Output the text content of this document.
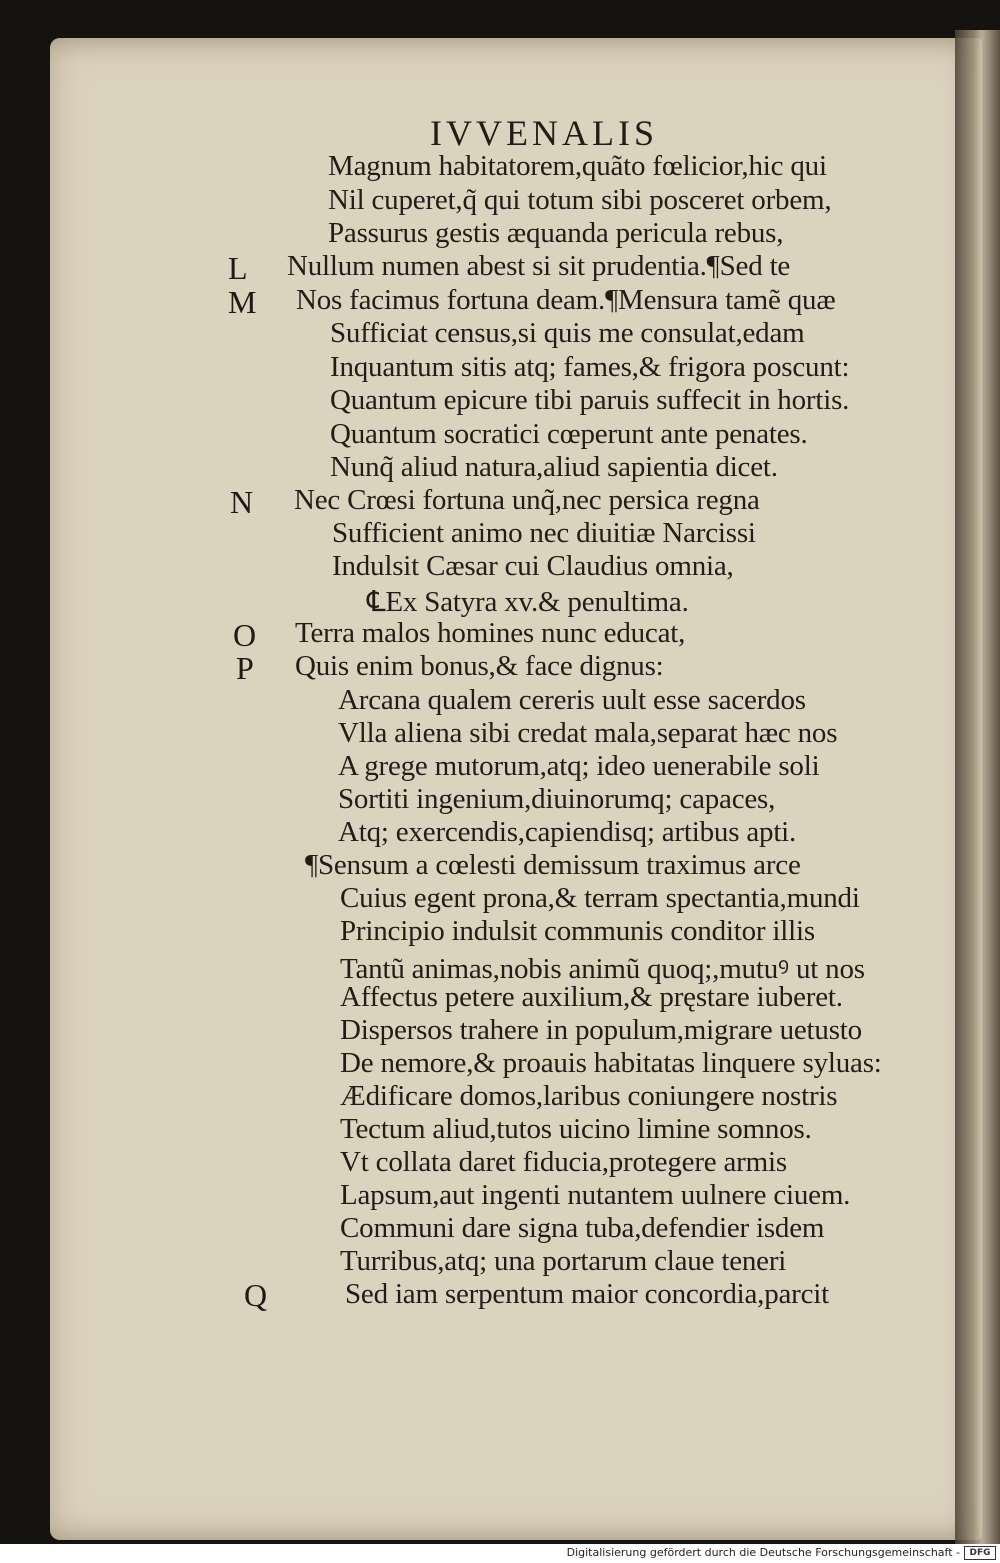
IVVENALIS
L
M
N
O
P
Q
Magnum habitatorem,quãto fœlicior,hic qui
Nil cuperet,q̃ qui totum sibi posceret orbem,
Passurus gestis æquanda pericula rebus,
Nullum numen abest si sit prudentia.¶Sed te
Nos facimus fortuna deam.¶Mensura tamẽ quæ
Sufficiat census,si quis me consulat,edam
Inquantum sitis atq; fames,& frigora poscunt:
Quantum epicure tibi paruis suffecit in hortis.
Quantum socratici cœperunt ante penates.
Nunq̃ aliud natura,aliud sapientia dicet.
Nec Crœsi fortuna unq̃,nec persica regna
Sufficient animo nec diuitiæ Narcissi
Indulsit Cæsar cui Claudius omnia,
℄Ex Satyra xv.& penultima.
Terra malos homines nunc educat,
Quis enim bonus,& face dignus:
Arcana qualem cereris uult esse sacerdos
Vlla aliena sibi credat mala,separat hæc nos
A grege mutorum,atq; ideo uenerabile soli
Sortiti ingenium,diuinorumq; capaces,
Atq; exercendis,capiendisq; artibus apti.
¶Sensum a cœlesti demissum traximus arce
Cuius egent prona,& terram spectantia,mundi
Principio indulsit communis conditor illis
Tantũ animas,nobis animũ quoq;,mutuꝰ ut nos
Affectus petere auxilium,& pręstare iuberet.
Dispersos trahere in populum,migrare uetusto
De nemore,& proauis habitatas linquere syluas:
Ædificare domos,laribus coniungere nostris
Tectum aliud,tutos uicino limine somnos.
Vt collata daret fiducia,protegere armis
Lapsum,aut ingenti nutantem uulnere ciuem.
Communi dare signa tuba,defendier isdem
Turribus,atq; una portarum claue teneri
Sed iam serpentum maior concordia,parcit
Digitalisierung gefördert durch die Deutsche Forschungsgemeinschaft -	DFG
